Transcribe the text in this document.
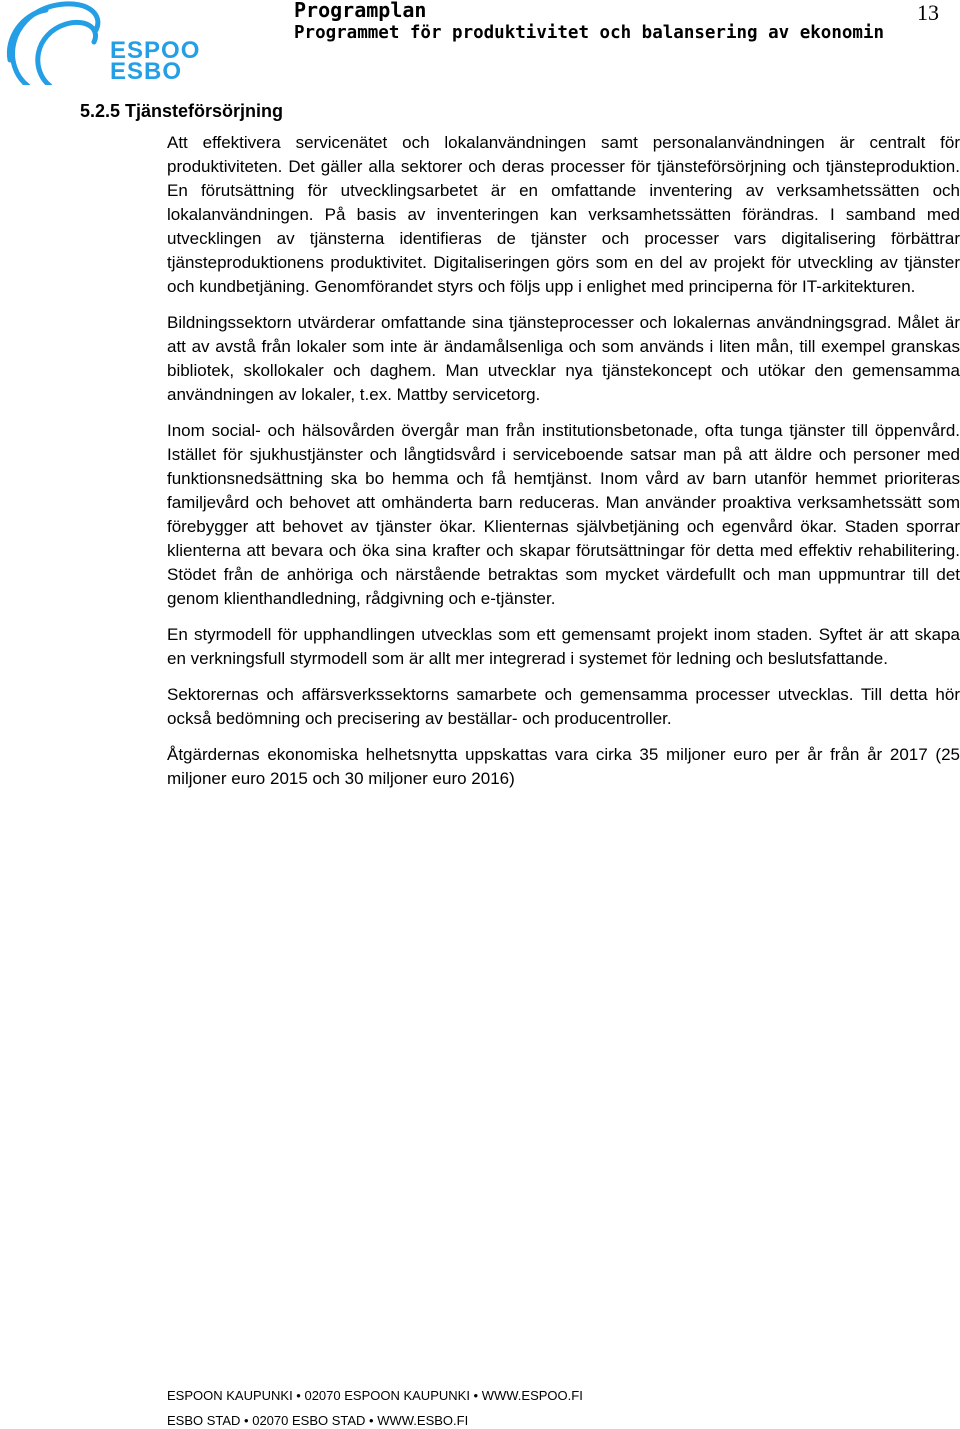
ESPOO
ESBO
Programplan
Programmet för produktivitet och balansering av ekonomin
13
5.2.5 Tjänsteförsörjning

Att effektivera servicenätet och lokalanvändningen samt personalanvändningen är centralt för produktiviteten. Det gäller alla sektorer och deras processer för tjänsteförsörjning och tjänsteproduktion. En förutsättning för utvecklingsarbetet är en omfattande inventering av verksamhetssätten och lokalanvändningen. På basis av inventeringen kan verksamhetssätten förändras. I samband med utvecklingen av tjänsterna identifieras de tjänster och processer vars digitalisering förbättrar tjänsteproduktionens produktivitet. Digitaliseringen görs som en del av projekt för utveckling av tjänster och kundbetjäning. Genomförandet styrs och följs upp i enlighet med principerna för IT-arkitekturen.

Bildningssektorn utvärderar omfattande sina tjänsteprocesser och lokalernas användningsgrad. Målet är att av avstå från lokaler som inte är ändamålsenliga och som används i liten mån, till exempel granskas bibliotek, skollokaler och daghem. Man utvecklar nya tjänstekoncept och utökar den gemensamma användningen av lokaler, t.ex. Mattby servicetorg.

Inom social- och hälsovården övergår man från institutionsbetonade, ofta tunga tjänster till öppenvård. Istället för sjukhustjänster och långtidsvård i serviceboende satsar man på att äldre och personer med funktionsnedsättning ska bo hemma och få hemtjänst. Inom vård av barn utanför hemmet prioriteras familjevård och behovet att omhänderta barn reduceras. Man använder proaktiva verksamhetssätt som förebygger att behovet av tjänster ökar. Klienternas självbetjäning och egenvård ökar. Staden sporrar klienterna att bevara och öka sina krafter och skapar förutsättningar för detta med effektiv rehabilitering. Stödet från de anhöriga och närstående betraktas som mycket värdefullt och man uppmuntrar till det genom klienthandledning, rådgivning och e-tjänster.

En styrmodell för upphandlingen utvecklas som ett gemensamt projekt inom staden. Syftet är att skapa en verkningsfull styrmodell som är allt mer integrerad i systemet för ledning och beslutsfattande.

Sektorernas och affärsverkssektorns samarbete och gemensamma processer utvecklas. Till detta hör också bedömning och precisering av beställar- och producentroller.

Åtgärdernas ekonomiska helhetsnytta uppskattas vara cirka 35 miljoner euro per år från år 2017 (25 miljoner euro 2015 och 30 miljoner euro 2016)

ESPOON KAUPUNKI • 02070 ESPOON KAUPUNKI • WWW.ESPOO.FI
ESBO STAD • 02070 ESBO STAD • WWW.ESBO.FI
